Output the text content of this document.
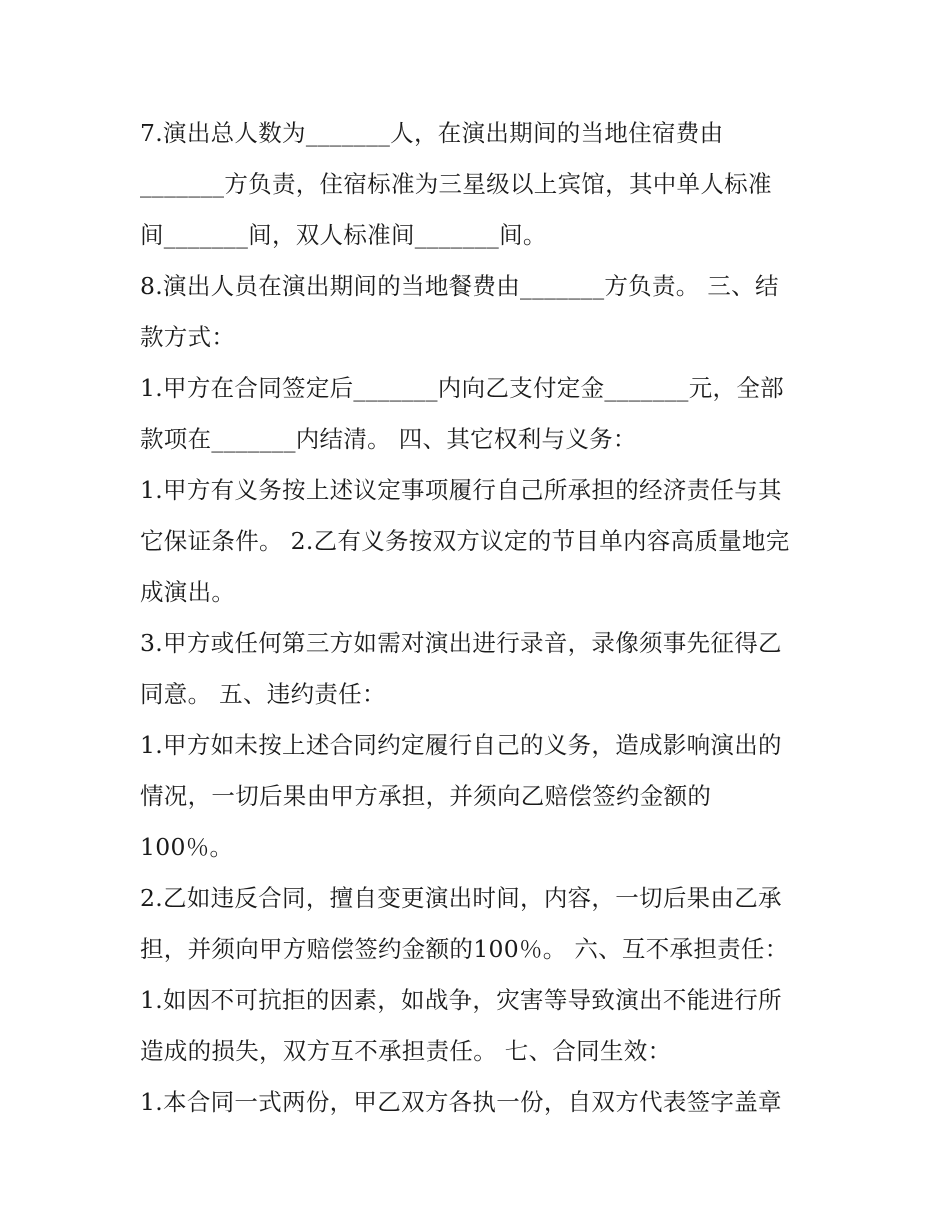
7.演出总人数为_______人，在演出期间的当地住宿费由
_______方负责，住宿标准为三星级以上宾馆，其中单人标准
间_______间，双人标准间_______间。
8.演出人员在演出期间的当地餐费由_______方负责。 三、结
款方式：
1.甲方在合同签定后_______内向乙支付定金_______元，全部
款项在_______内结清。 四、其它权利与义务：
1.甲方有义务按上述议定事项履行自己所承担的经济责任与其
它保证条件。 2.乙有义务按双方议定的节目单内容高质量地完
成演出。
3.甲方或任何第三方如需对演出进行录音，录像须事先征得乙
同意。 五、违约责任：
1.甲方如未按上述合同约定履行自己的义务，造成影响演出的
情况，一切后果由甲方承担，并须向乙赔偿签约金额的
100％。
2.乙如违反合同，擅自变更演出时间，内容，一切后果由乙承
担，并须向甲方赔偿签约金额的100％。 六、互不承担责任：
1.如因不可抗拒的因素，如战争，灾害等导致演出不能进行所
造成的损失，双方互不承担责任。 七、合同生效：
1.本合同一式两份，甲乙双方各执一份，自双方代表签字盖章
